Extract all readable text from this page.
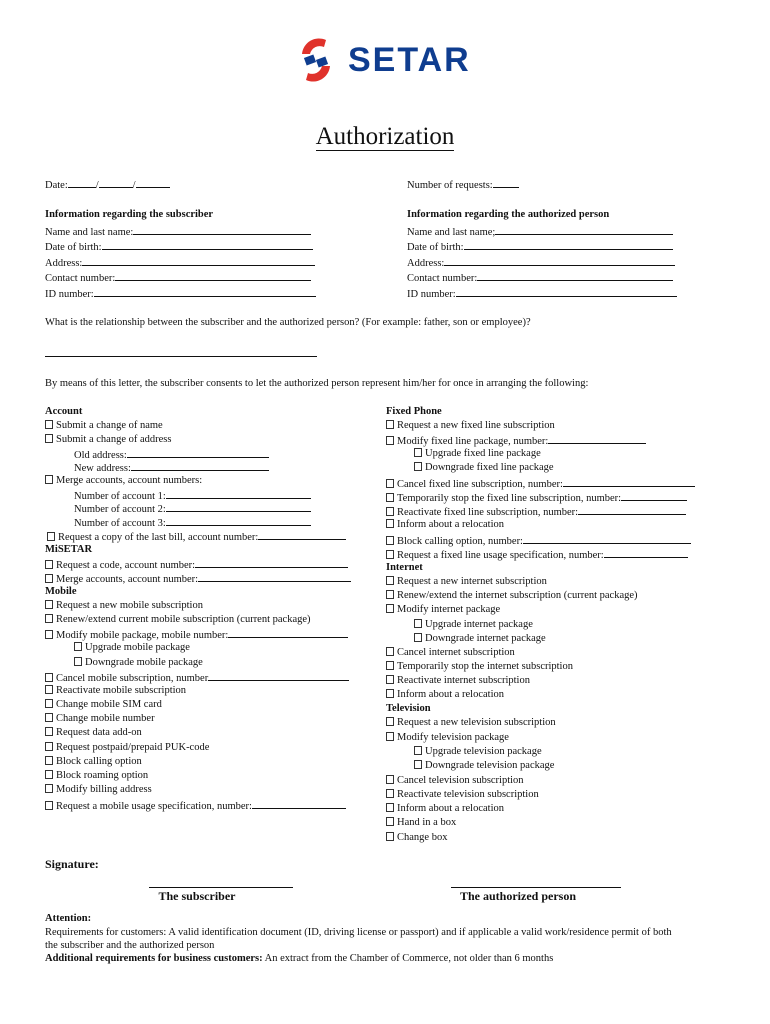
SETAR
Authorization
Date:	/	/	Number of requests:
Information regarding the subscriber
Name and last name:
Date of birth:
Address:
Contact number:
ID number:
Information regarding the authorized person
Name and last name;
Date of birth:
Address:
Contact number:
ID number:
What is the relationship between the subscriber and the authorized person? (For example: father, son or employee)?
By means of this letter, the subscriber consents to let the authorized person represent him/her for once in arranging the following:
Account
Submit a change of name
Submit a change of address
Old address:
New address:
Merge accounts, account numbers:
Number of account 1:
Number of account 2:
Number of account 3:
Request a copy of the last bill, account number:
MiSETAR
Request a code, account number:
Merge accounts, account number:
Mobile
Request a new mobile subscription
Renew/extend current mobile subscription (current package)
Modify mobile package, mobile number:
Upgrade mobile package
Downgrade mobile package
Cancel mobile subscription, number
Reactivate mobile subscription
Change mobile SIM card
Change mobile number
Request data add-on
Request postpaid/prepaid PUK-code
Block calling option
Block roaming option
Modify billing address
Request a mobile usage specification, number:
Fixed Phone
Request a new fixed line subscription
Modify fixed line package, number:
Upgrade fixed line package
Downgrade fixed line package
Cancel fixed line subscription, number:
Temporarily stop the fixed line subscription, number:
Reactivate fixed line subscription, number:
Inform about a relocation
Block calling option, number:
Request a fixed line usage specification, number:
Internet
Request a new internet subscription
Renew/extend the internet subscription (current package)
Modify internet package
Upgrade internet package
Downgrade internet package
Cancel internet subscription
Temporarily stop the internet subscription
Reactivate internet subscription
Inform about a relocation
Television
Request a new television subscription
Modify television package
Upgrade television package
Downgrade television package
Cancel television subscription
Reactivate television subscription
Inform about a relocation
Hand in a box
Change box
Signature:
The subscriber	The authorized person
Attention:
Requirements for customers: A valid identification document (ID, driving license or passport) and if applicable a valid work/residence permit of both
the subscriber and the authorized person
Additional requirements for business customers: An extract from the Chamber of Commerce, not older than 6 months
